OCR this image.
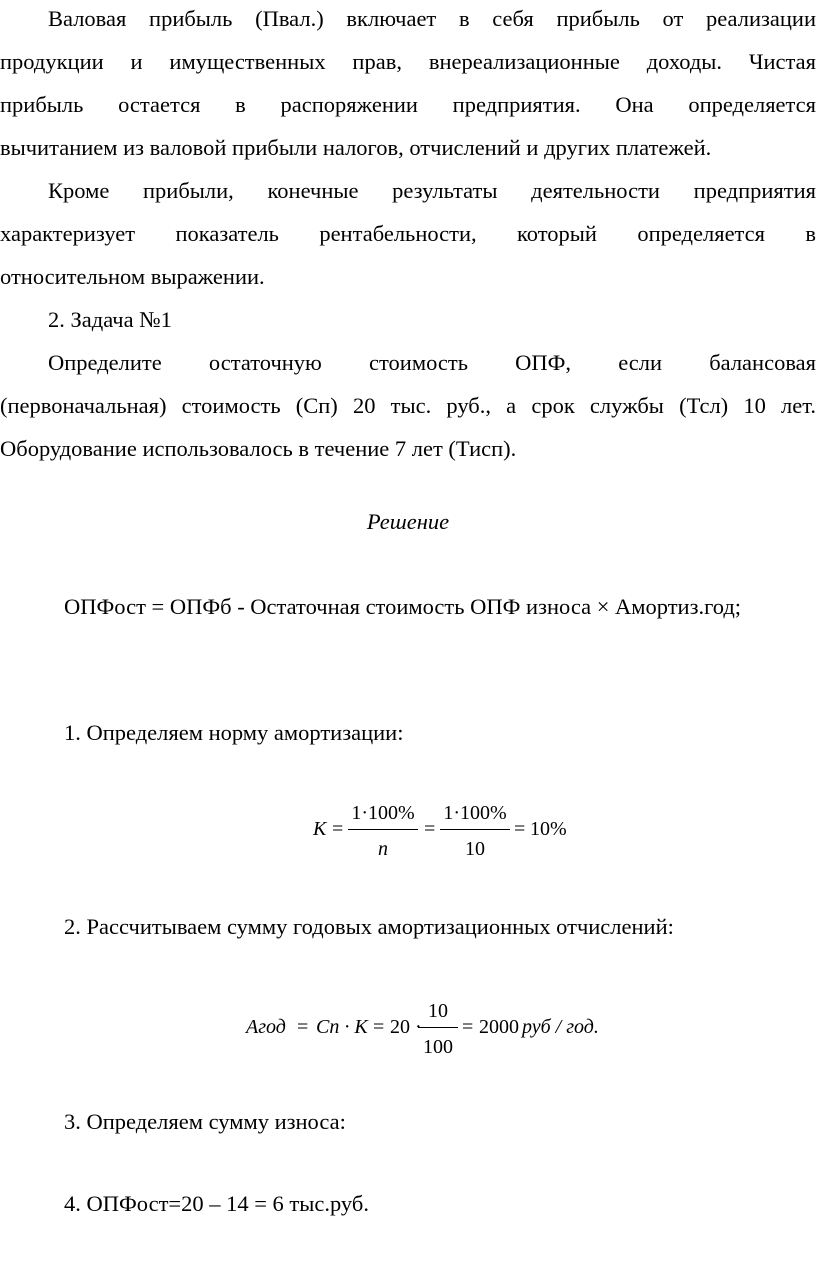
Валовая прибыль (Пвал.) включает в себя прибыль от реализации

продукции и имущественных прав, внереализационные доходы. Чистая

прибыль остается в распоряжении предприятия. Она определяется

вычитанием из валовой прибыли налогов, отчислений и других платежей.

Кроме прибыли, конечные результаты деятельности предприятия

характеризует показатель рентабельности, который определяется в

относительном выражении.

2. Задача №1

Определите остаточную стоимость ОПФ, если балансовая

(первоначальная) стоимость (Сп) 20 тыс. руб., а срок службы (Тсл) 10 лет.

Оборудование использовалось в течение 7 лет (Тисп).

Решение

ОПФост = ОПФб - Остаточная стоимость ОПФ износа × Амортиз.год;

1. Определяем норму амортизации:

$K = \frac{1\cdot 100\%}{n} = \frac{1\cdot 100\%}{10} = 10\%$

2. Рассчитываем сумму годовых амортизационных отчислений:

Агод = Сп · К = 20 ·
$\frac{10}{100} = 2000$ руб / год.

3. Определяем сумму износа:

4. ОПФост=20 – 14 = 6 тыс.руб.
